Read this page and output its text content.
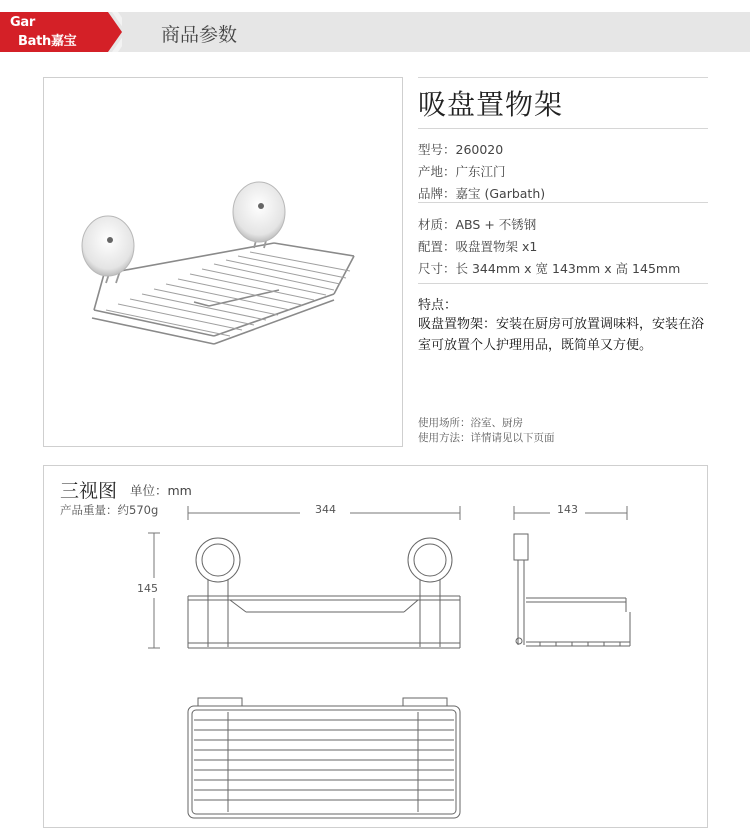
Gar
Bath嘉宝	商品参数
吸盘置物架
型号：260020
产地：广东江门
品牌：嘉宝 (Garbath)
材质：ABS + 不锈钢
配置：吸盘置物架 x1
尺寸：长 344mm x 宽 143mm x 高 145mm
特点：
吸盘置物架：安装在厨房可放置调味料，安装在浴室可放置个人护理用品，既简单又方便。
使用场所：浴室、厨房
使用方法：详情请见以下页面
三视图 单位：mm
产品重量：约570g	344
145
143
